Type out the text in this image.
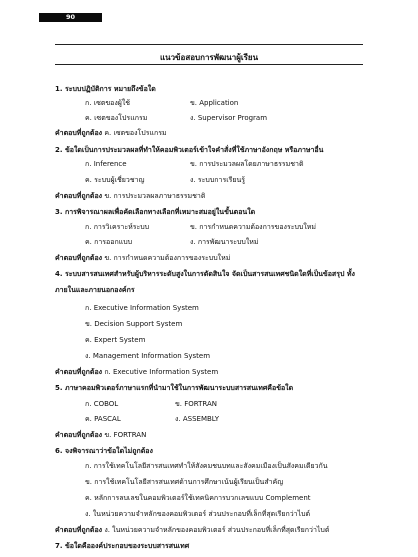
90
แนวข้อสอบการพัฒนาผู้เรียน
1. ระบบปฏิบัติการ หมายถึงข้อใด
ก. เซตของผู้ใช้	ข. Application
ค. เซตของโปรแกรม	ง. Supervisor Program
คำตอบที่ถูกต้อง ค. เซตของโปรแกรม
2. ข้อใดเป็นการประมวลผลที่ทำให้คอมพิวเตอร์เข้าใจคำสั่งที่ใช้ภาษาอังกฤษ หรือภาษาอื่น
ก. Inference	ข. การประมวลผลโดยภาษาธรรมชาติ
ค. ระบบผู้เชี่ยวชาญ	ง. ระบบการเรียนรู้
คำตอบที่ถูกต้อง ข. การประมวลผลภาษาธรรมชาติ
3. การพิจารณาผลเพื่อคัดเลือกทางเลือกที่เหมาะสมอยู่ในขั้นตอนใด
ก. การวิเคราะห์ระบบ	ข. การกำหนดความต้องการของระบบใหม่
ค. การออกแบบ	ง. การพัฒนาระบบใหม่
คำตอบที่ถูกต้อง ข. การกำหนดความต้องการของระบบใหม่
4. ระบบสารสนเทศสำหรับผู้บริหารระดับสูงในการตัดสินใจ จัดเป็นสารสนเทศชนิดใดที่เป็นข้อสรุป ทั้ง
ภายในและภายนอกองค์กร
ก. Executive Information System
ข. Decision Support System
ค. Expert System
ง. Management Information System
คำตอบที่ถูกต้อง ก. Executive Information System
5. ภาษาคอมพิวเตอร์ภาษาแรกที่นำมาใช้ในการพัฒนาระบบสารสนเทศคือข้อใด
ก. COBOL	ข. FORTRAN
ค. PASCAL	ง. ASSEMBLY
คำตอบที่ถูกต้อง ข. FORTRAN
6. จงพิจารณาว่าข้อใดไม่ถูกต้อง
ก. การใช้เทคโนโลยีสารสนเทศทำให้สังคมชนบทและสังคมเมืองเป็นสังคมเดียวกัน
ข. การใช้เทคโนโลยีสารสนเทศด้านการศึกษาเน้นผู้เรียนเป็นสำคัญ
ค. หลักการลบเลขในคอมพิวเตอร์ใช้เทคนิคการบวกเลขแบบ Complement
ง. ในหน่วยความจำหลักของคอมพิวเตอร์ ส่วนประกอบที่เล็กที่สุดเรียกว่าไบต์
คำตอบที่ถูกต้อง ง. ในหน่วยความจำหลักของคอมพิวเตอร์ ส่วนประกอบที่เล็กที่สุดเรียกว่าไบต์
7. ข้อใดคือองค์ประกอบของระบบสารสนเทศ
